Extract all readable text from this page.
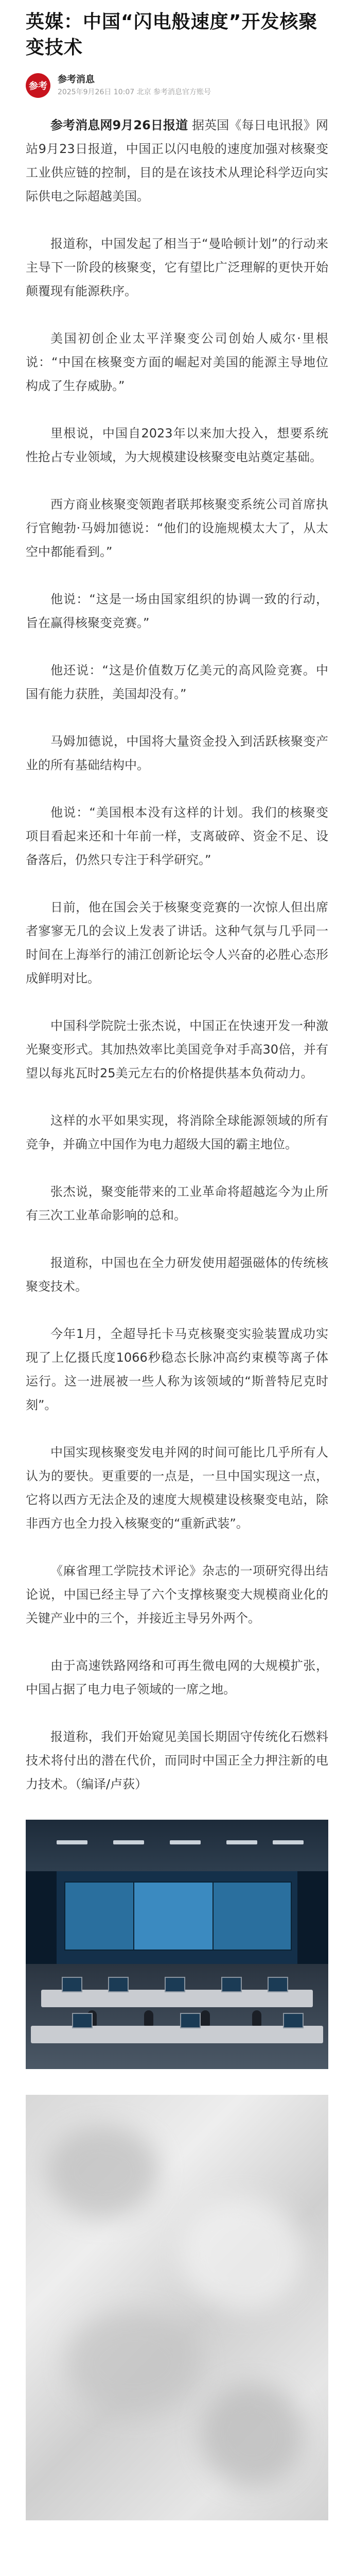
英媒：中国“闪电般速度”开发核聚变技术
参考
参考消息
2025年9月26日 10:07 北京 参考消息官方账号

参考消息网9月26日报道 据英国《每日电讯报》网站9月23日报道，中国正以闪电般的速度加强对核聚变工业供应链的控制，目的是在该技术从理论科学迈向实际供电之际超越美国。

报道称，中国发起了相当于“曼哈顿计划”的行动来主导下一阶段的核聚变，它有望比广泛理解的更快开始颠覆现有能源秩序。

美国初创企业太平洋聚变公司创始人威尔·里根说：“中国在核聚变方面的崛起对美国的能源主导地位构成了生存威胁。”

里根说，中国自2023年以来加大投入，想要系统性抢占专业领域，为大规模建设核聚变电站奠定基础。

西方商业核聚变领跑者联邦核聚变系统公司首席执行官鲍勃·马姆加德说：“他们的设施规模太大了，从太空中都能看到。”

他说：“这是一场由国家组织的协调一致的行动，旨在赢得核聚变竞赛。”

他还说：“这是价值数万亿美元的高风险竞赛。中国有能力获胜，美国却没有。”

马姆加德说，中国将大量资金投入到活跃核聚变产业的所有基础结构中。

他说：“美国根本没有这样的计划。我们的核聚变项目看起来还和十年前一样，支离破碎、资金不足、设备落后，仍然只专注于科学研究。”

日前，他在国会关于核聚变竞赛的一次惊人但出席者寥寥无几的会议上发表了讲话。这种气氛与几乎同一时间在上海举行的浦江创新论坛令人兴奋的必胜心态形成鲜明对比。

中国科学院院士张杰说，中国正在快速开发一种激光聚变形式。其加热效率比美国竞争对手高30倍，并有望以每兆瓦时25美元左右的价格提供基本负荷动力。

这样的水平如果实现，将消除全球能源领域的所有竞争，并确立中国作为电力超级大国的霸主地位。

张杰说，聚变能带来的工业革命将超越迄今为止所有三次工业革命影响的总和。

报道称，中国也在全力研发使用超强磁体的传统核聚变技术。

今年1月，全超导托卡马克核聚变实验装置成功实现了上亿摄氏度1066秒稳态长脉冲高约束模等离子体运行。这一进展被一些人称为该领域的“斯普特尼克时刻”。

中国实现核聚变发电并网的时间可能比几乎所有人认为的要快。更重要的一点是，一旦中国实现这一点，它将以西方无法企及的速度大规模建设核聚变电站，除非西方也全力投入核聚变的“重新武装”。

《麻省理工学院技术评论》杂志的一项研究得出结论说，中国已经主导了六个支撑核聚变大规模商业化的关键产业中的三个，并接近主导另外两个。

由于高速铁路网络和可再生微电网的大规模扩张，中国占据了电力电子领域的一席之地。

报道称，我们开始窥见美国长期固守传统化石燃料技术将付出的潜在代价，而同时中国正全力押注新的电力技术。（编译/卢荻）
